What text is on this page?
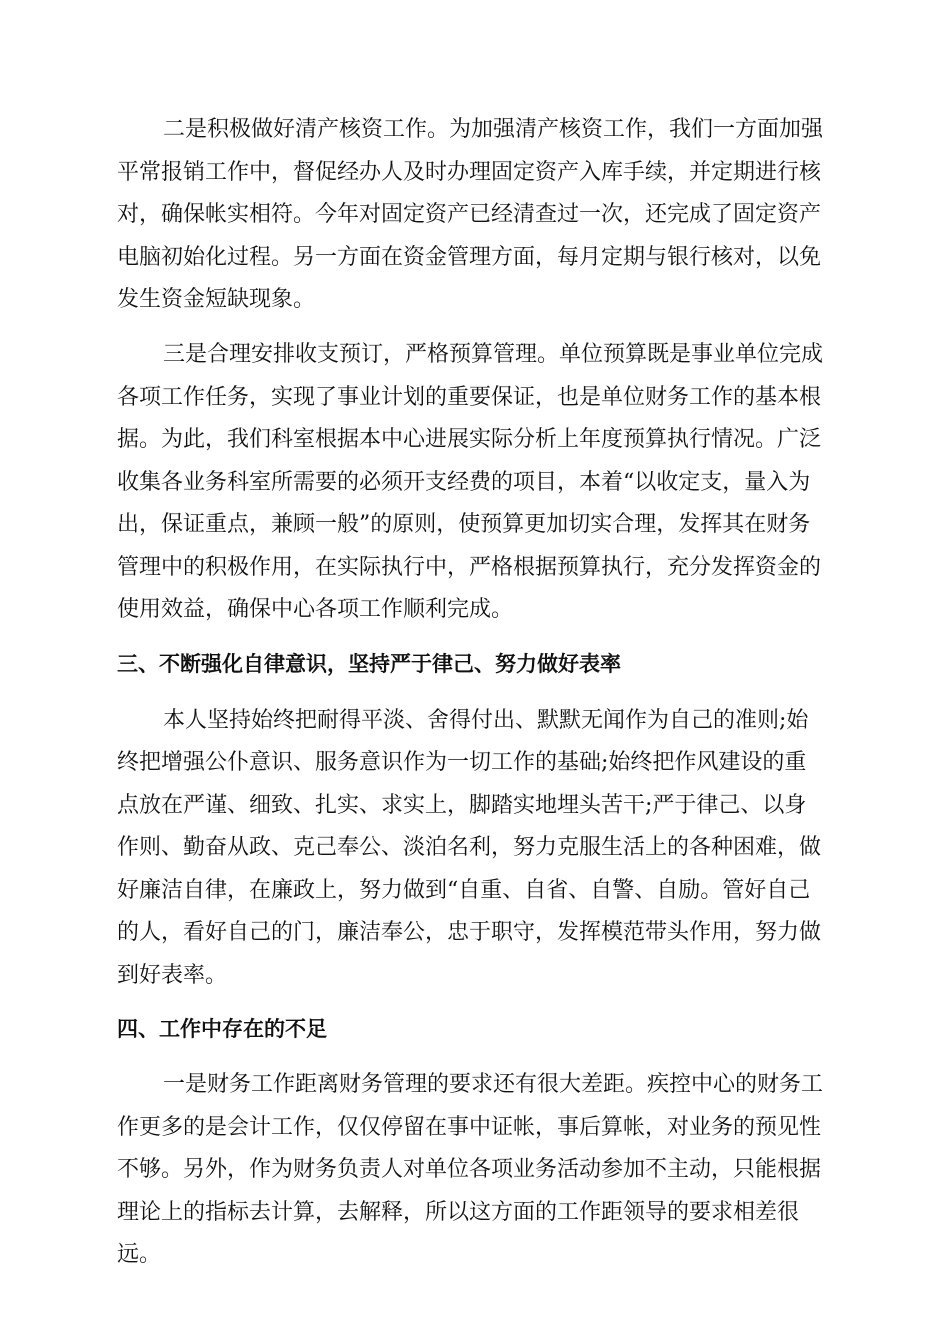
二是积极做好清产核资工作。为加强清产核资工作，我们一方面加强

平常报销工作中，督促经办人及时办理固定资产入库手续，并定期进行核

对，确保帐实相符。今年对固定资产已经清查过一次，还完成了固定资产

电脑初始化过程。另一方面在资金管理方面，每月定期与银行核对，以免

发生资金短缺现象。

三是合理安排收支预订，严格预算管理。单位预算既是事业单位完成

各项工作任务，实现了事业计划的重要保证，也是单位财务工作的基本根

据。为此，我们科室根据本中心进展实际分析上年度预算执行情况。广泛

收集各业务科室所需要的必须开支经费的项目，本着“以收定支，量入为

出，保证重点，兼顾一般”的原则，使预算更加切实合理，发挥其在财务

管理中的积极作用，在实际执行中，严格根据预算执行，充分发挥资金的

使用效益，确保中心各项工作顺利完成。

三、不断强化自律意识，坚持严于律己、努力做好表率

本人坚持始终把耐得平淡、舍得付出、默默无闻作为自己的准则;始

终把增强公仆意识、服务意识作为一切工作的基础;始终把作风建设的重

点放在严谨、细致、扎实、求实上，脚踏实地埋头苦干;严于律己、以身

作则、勤奋从政、克己奉公、淡泊名利，努力克服生活上的各种困难，做

好廉洁自律，在廉政上，努力做到“自重、自省、自警、自励。管好自己

的人，看好自己的门，廉洁奉公，忠于职守，发挥模范带头作用，努力做

到好表率。

四、工作中存在的不足

一是财务工作距离财务管理的要求还有很大差距。疾控中心的财务工

作更多的是会计工作，仅仅停留在事中证帐，事后算帐，对业务的预见性

不够。另外，作为财务负责人对单位各项业务活动参加不主动，只能根据

理论上的指标去计算，去解释，所以这方面的工作距领导的要求相差很

远。
